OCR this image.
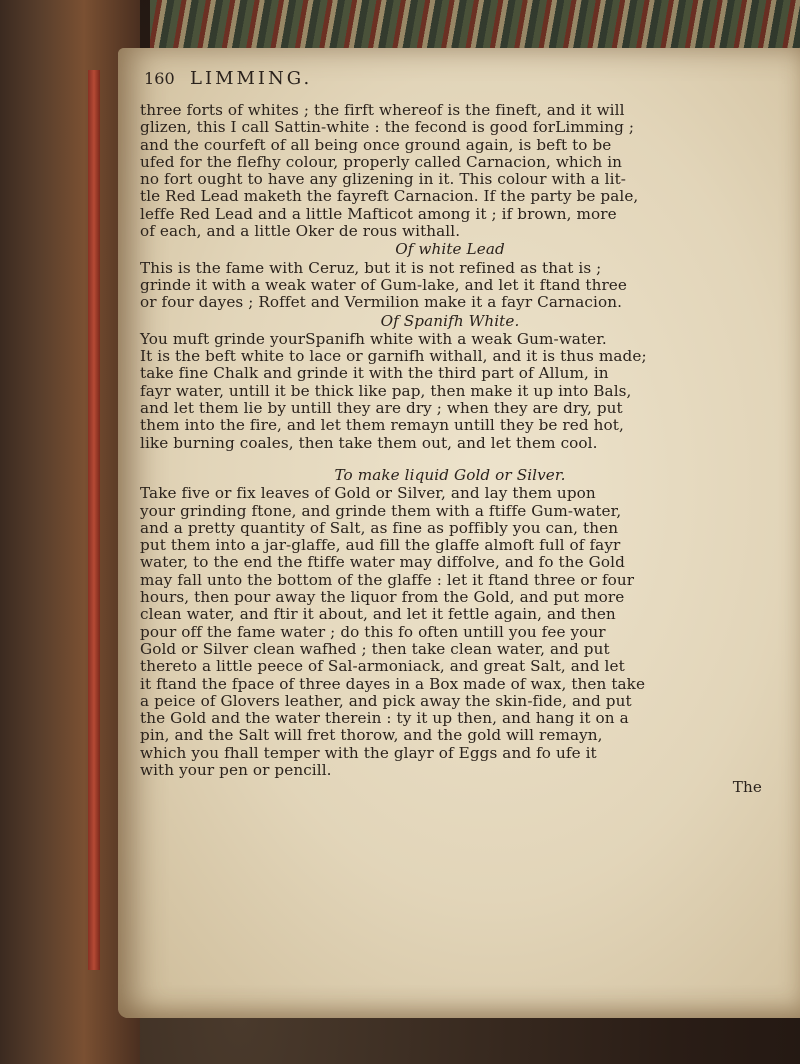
160 LIMMING.
three forts of whites ; the firft whereof is the fineft, and it will
glizen, this I call Sattin-white : the fecond is good forLimming ;
and the courfeft of all being once ground again, is beft to be
ufed for the flefhy colour, properly called Carnacion, which in
no fort ought to have any glizening in it. This colour with a lit-
tle Red Lead maketh the fayreft Carnacion. If the party be pale,
leffe Red Lead and a little Mafticot among it ; if brown, more
of each, and a little Oker de rous withall.
Of white Lead
This is the fame with Ceruz, but it is not refined as that is ;
grinde it with a weak water of Gum-lake, and let it ftand three
or four dayes ; Roffet and Vermilion make it a fayr Carnacion.
Of Spanifh White.
You muft grinde yourSpanifh white with a weak Gum-water.
It is the beft white to lace or garnifh withall, and it is thus made;
take fine Chalk and grinde it with the third part of Allum, in
fayr water, untill it be thick like pap, then make it up into Bals,
and let them lie by untill they are dry ; when they are dry, put
them into the fire, and let them remayn untill they be red hot,
like burning coales, then take them out, and let them cool.
To make liquid Gold or Silver.
Take five or fix leaves of Gold or Silver, and lay them upon
your grinding ftone, and grinde them with a ftiffe Gum-water,
and a pretty quantity of Salt, as fine as poffibly you can, then
put them into a jar-glaffe, aud fill the glaffe almoft full of fayr
water, to the end the ftiffe water may diffolve, and fo the Gold
may fall unto the bottom of the glaffe : let it ftand three or four
hours, then pour away the liquor from the Gold, and put more
clean water, and ftir it about, and let it fettle again, and then
pour off the fame water ; do this fo often untill you fee your
Gold or Silver clean wafhed ; then take clean water, and put
thereto a little peece of Sal-armoniack, and great Salt, and let
it ftand the fpace of three dayes in a Box made of wax, then take
a peice of Glovers leather, and pick away the skin-fide, and put
the Gold and the water therein : ty it up then, and hang it on a
pin, and the Salt will fret thorow, and the gold will remayn,
which you fhall temper with the glayr of Eggs and fo ufe it
with your pen or pencill.
The
